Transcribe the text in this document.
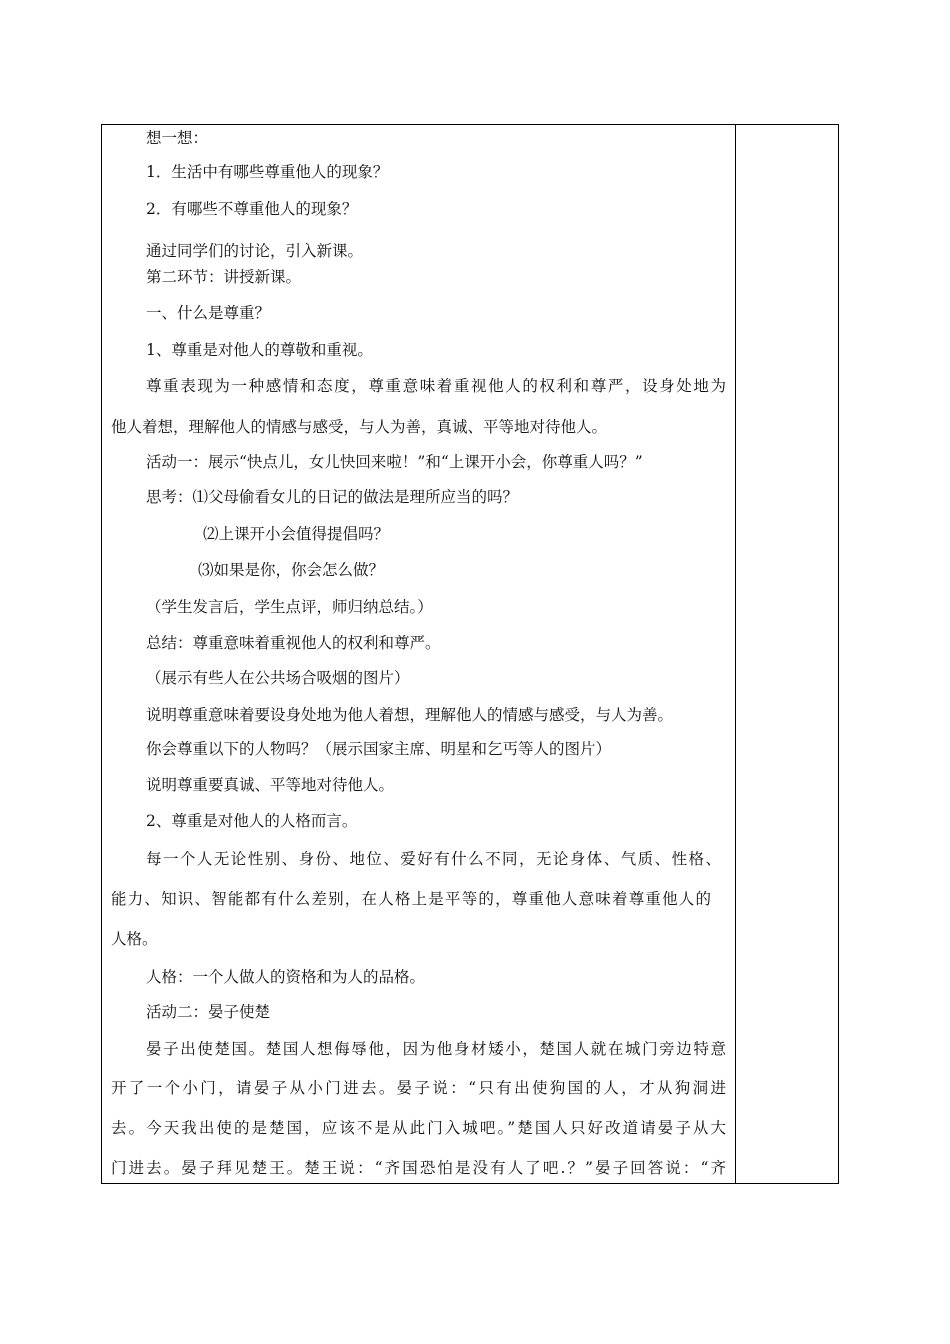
想一想：
1．生活中有哪些尊重他人的现象？
2．有哪些不尊重他人的现象？
通过同学们的讨论，引入新课。
第二环节：讲授新课。
一、什么是尊重？
1、尊重是对他人的尊敬和重视。
尊重表现为一种感情和态度，尊重意味着重视他人的权利和尊严，设身处地为
他人着想，理解他人的情感与感受，与人为善，真诚、平等地对待他人。
活动一：展示“快点儿，女儿快回来啦！”和“上课开小会，你尊重人吗？”
思考：⑴父母偷看女儿的日记的做法是理所应当的吗？
⑵上课开小会值得提倡吗？
⑶如果是你，你会怎么做？
（学生发言后，学生点评，师归纳总结。）
总结：尊重意味着重视他人的权利和尊严。
（展示有些人在公共场合吸烟的图片）
说明尊重意味着要设身处地为他人着想，理解他人的情感与感受，与人为善。
你会尊重以下的人物吗？（展示国家主席、明星和乞丐等人的图片）
说明尊重要真诚、平等地对待他人。
2、尊重是对他人的人格而言。
每一个人无论性别、身份、地位、爱好有什么不同，无论身体、气质、性格、
能力、知识、智能都有什么差别，在人格上是平等的，尊重他人意味着尊重他人的
人格。
人格：一个人做人的资格和为人的品格。
活动二：晏子使楚
晏子出使楚国。楚国人想侮辱他，因为他身材矮小，楚国人就在城门旁边特意
开了一个小门，请晏子从小门进去。晏子说：“只有出使狗国的人，才从狗洞进
去。今天我出使的是楚国，应该不是从此门入城吧。”楚国人只好改道请晏子从大
门进去。晏子拜见楚王。楚王说：“齐国恐怕是没有人了吧.？”晏子回答说：“齐
